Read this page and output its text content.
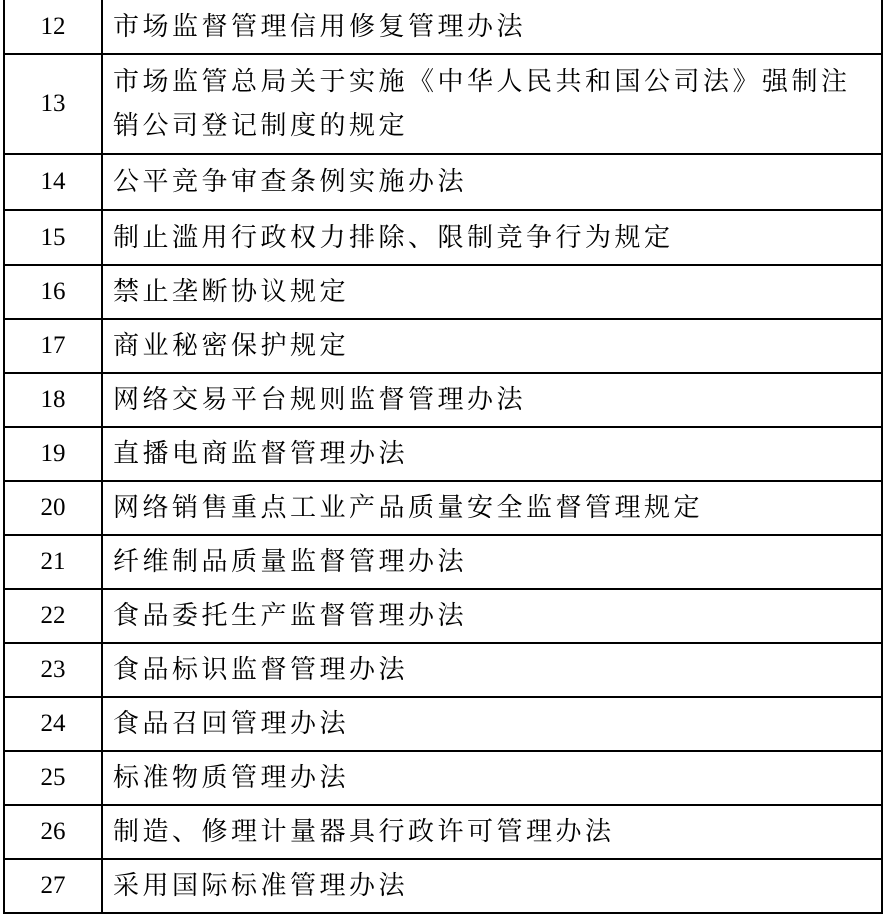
12	市场监督管理信用修复管理办法
13	市场监管总局关于实施《中华人民共和国公司法》强制注销公司登记制度的规定
14	公平竞争审查条例实施办法
15	制止滥用行政权力排除、限制竞争行为规定
16	禁止垄断协议规定
17	商业秘密保护规定
18	网络交易平台规则监督管理办法
19	直播电商监督管理办法
20	网络销售重点工业产品质量安全监督管理规定
21	纤维制品质量监督管理办法
22	食品委托生产监督管理办法
23	食品标识监督管理办法
24	食品召回管理办法
25	标准物质管理办法
26	制造、修理计量器具行政许可管理办法
27	采用国际标准管理办法
